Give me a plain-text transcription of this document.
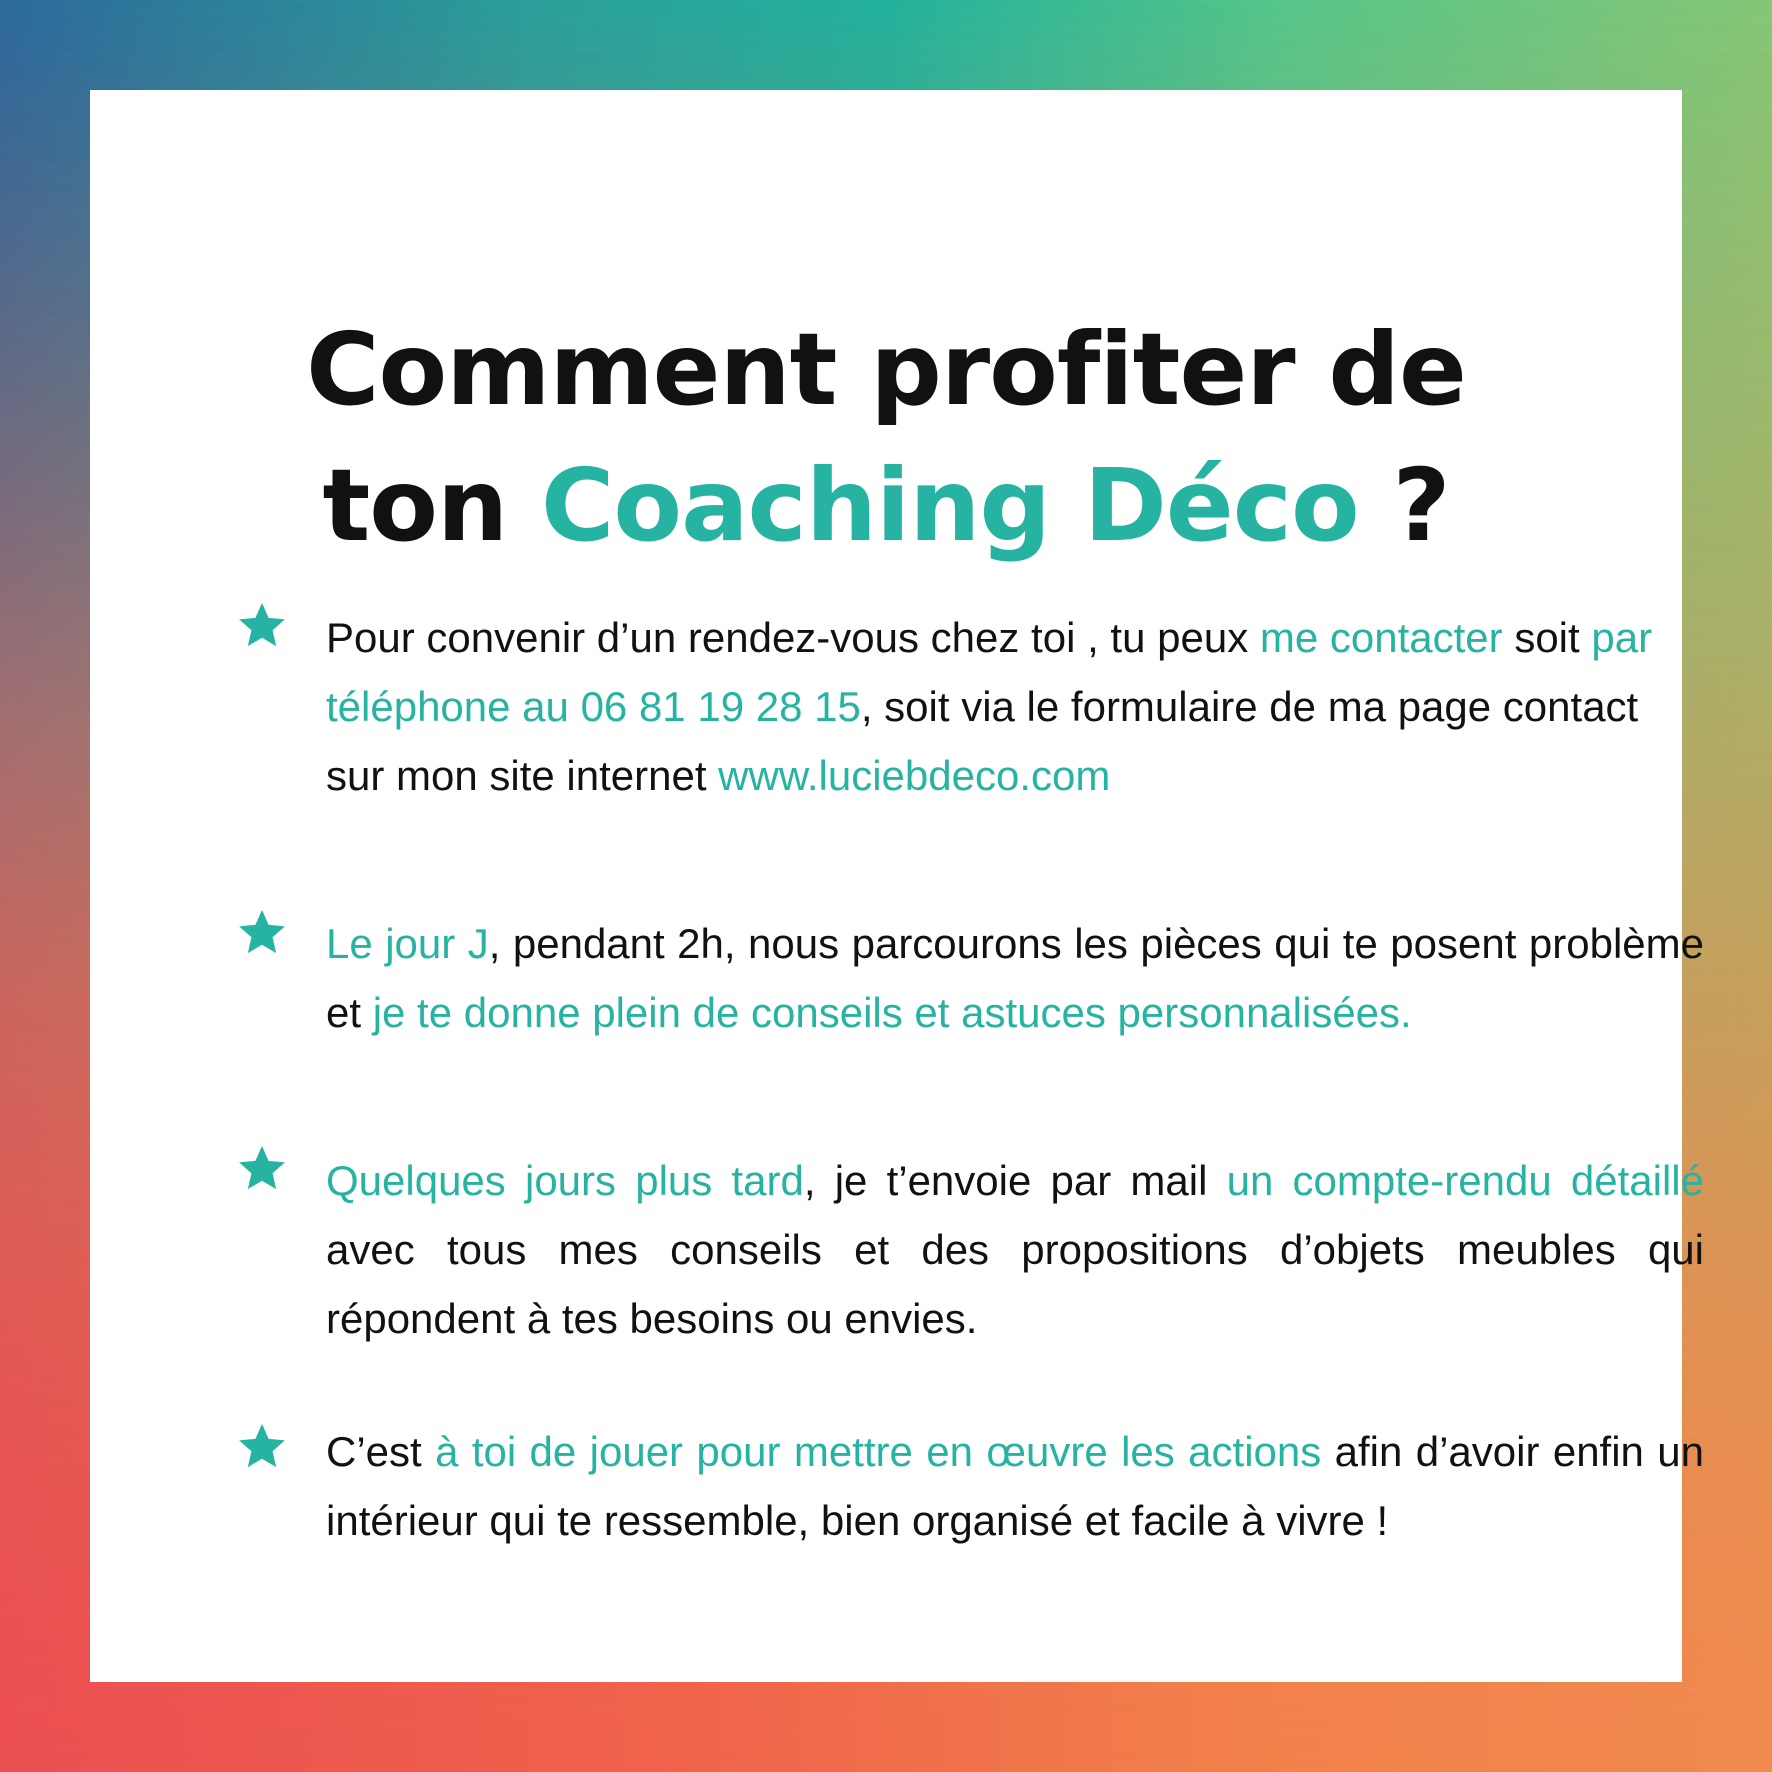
Comment profiter de
ton Coaching Déco ?

Pour convenir d’un rendez-vous chez toi , tu peux me contacter soit par téléphone au 06 81 19 28 15, soit via le formulaire de ma page contact sur mon site internet www.luciebdeco.com

Le jour J, pendant 2h, nous parcourons les pièces qui te posent problème et je te donne plein de conseils et astuces personnalisées.

Quelques jours plus tard, je t’envoie par mail un compte-rendu détaillé avec tous mes conseils et des propositions d’objets meubles qui répondent à tes besoins ou envies.

C’est à toi de jouer pour mettre en œuvre les actions afin d’avoir enfin un intérieur qui te ressemble, bien organisé et facile à vivre !
